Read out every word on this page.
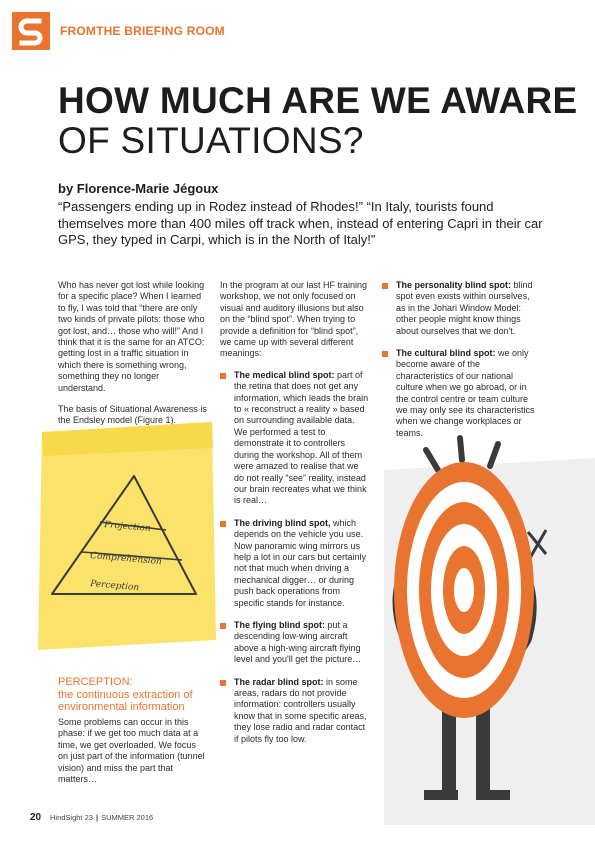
FROMTHE BRIEFING ROOM
HOW MUCH ARE WE AWARE
OF SITUATIONS?
by Florence-Marie Jégoux
“Passengers ending up in Rodez instead of Rhodes!” “In Italy, tourists found themselves more than 400 miles off track when, instead of entering Capri in their car GPS, they typed in Carpi, which is in the North of Italy!”

Who has never got lost while looking for a specific place? When I learned to fly, I was told that “there are only two kinds of private pilots: those who got lost, and… those who will!” And I think that it is the same for an ATCO: getting lost in a traffic situation in which there is something wrong, something they no longer understand.

The basis of Situational Awareness is the Endsley model (Figure 1).

Projection
Comprehension
Perception
PERCEPTION:
the continuous extraction of environmental information
Some problems can occur in this phase: if we get too much data at a time, we get overloaded. We focus on just part of the information (tunnel vision) and miss the part that matters…

In the program at our last HF training workshop, we not only focused on visual and auditory illusions but also on the “blind spot”. When trying to provide a definition for “blind spot”, we came up with several different meanings:

The medical blind spot: part of the retina that does not get any information, which leads the brain to « reconstruct a reality » based on surrounding available data. We performed a test to demonstrate it to controllers during the workshop. All of them were amazed to realise that we do not really “see” reality, instead our brain recreates what we think is real…
The driving blind spot, which depends on the vehicle you use. Now panoramic wing mirrors us help a lot in our cars but certainly not that much when driving a mechanical digger… or during push back operations from specific stands for instance.
The flying blind spot: put a descending low-wing aircraft above a high-wing aircraft flying level and you'll get the picture…
The radar blind spot: in some areas, radars do not provide information: controllers usually know that in some specific areas, they lose radio and radar contact if pilots fly too low.
The personality blind spot: blind spot even exists within ourselves, as in the Johari Window Model: other people might know things about ourselves that we don't.
The cultural blind spot: we only become aware of the characteristics of our national culture when we go abroad, or in the control centre or team culture we may only see its characteristics when we change workplaces or teams.
20 HindSight 23 | SUMMER 2016
